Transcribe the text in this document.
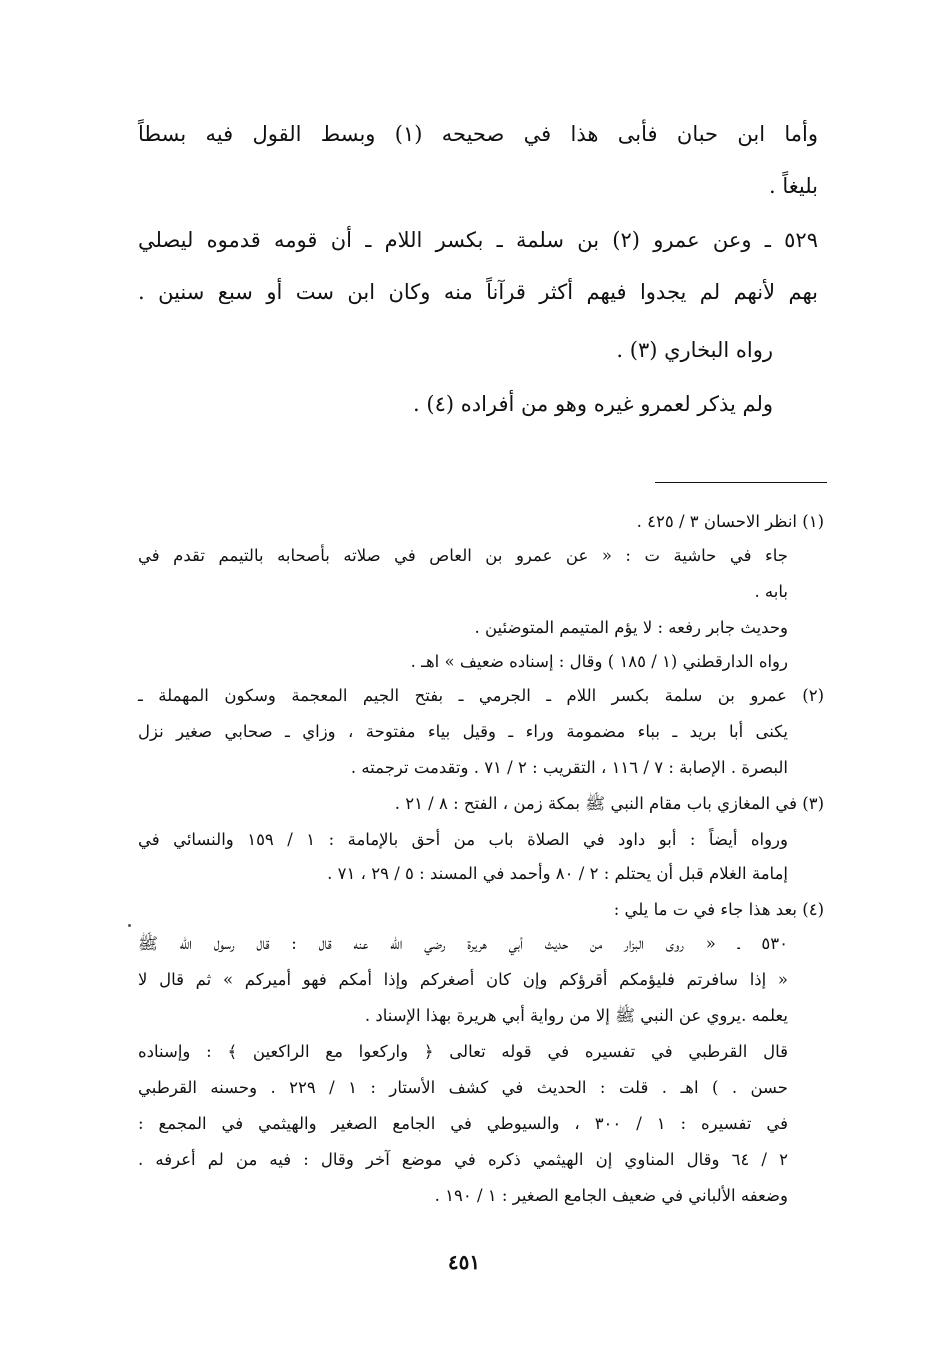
وأما ابن حبان فأبى هذا في صحيحه (١) وبسط القول فيه بسطاً

بليغاً .

٥٢٩ ـ وعن عمرو (٢) بن سلمة ـ بكسر اللام ـ أن قومه قدموه ليصلي

بهم لأنهم لم يجدوا فيهم أكثر قرآناً منه وكان ابن ست أو سبع سنين .

رواه البخاري (٣) .

ولم يذكر لعمرو غيره وهو من أفراده (٤) .

(١) انظر الاحسان ٣ / ٤٢٥ .

جاء في حاشية ت : « عن عمرو بن العاص في صلاته بأصحابه بالتيمم تقدم في

بابه .

وحديث جابر رفعه : لا يؤم المتيمم المتوضئين .

رواه الدارقطني (١ / ١٨٥ ) وقال : إسناده ضعيف » اهـ .

(٢) عمرو بن سلمة بكسر اللام ـ الجرمي ـ بفتح الجيم المعجمة وسكون المهملة ـ

يكنى أبا بريد ـ بباء مضمومة وراء ـ وقيل بياء مفتوحة ، وزاي ـ صحابي صغير نزل

البصرة . الإصابة : ٧ / ١١٦ ، التقريب : ٢ / ٧١ . وتقدمت ترجمته .

(٣) في المغازي باب مقام النبي ﷺ بمكة زمن ، الفتح : ٨ / ٢١ .

ورواه أيضاً : أبو داود في الصلاة باب من أحق بالإمامة : ١ / ١٥٩ والنسائي في

إمامة الغلام قبل أن يحتلم : ٢ / ٨٠ وأحمد في المسند : ٥ / ٢٩ ، ٧١ .

(٤) بعد هذا جاء في ت ما يلي :

٥٣٠ ـ « روى البزار من حديث أبي هريرة رضي الله عنه قال : قال رسول الله ﷺ

« إذا سافرتم فليؤمكم أقرؤكم وإن كان أصغركم وإذا أمكم فهو أميركم » ثم قال لا

يعلمه .يروي عن النبي ﷺ إلا من رواية أبي هريرة بهذا الإسناد .

قال القرطبي في تفسيره في قوله تعالى ﴿ واركعوا مع الراكعين ﴾ : وإسناده

حسن . ) اهـ . قلت : الحديث في كشف الأستار : ١ / ٢٢٩ . وحسنه القرطبي

في تفسيره : ١ / ٣٠٠ ، والسيوطي في الجامع الصغير والهيثمي في المجمع :

٢ / ٦٤ وقال المناوي إن الهيثمي ذكره في موضع آخر وقال : فيه من لم أعرفه .

وضعفه الألباني في ضعيف الجامع الصغير : ١ / ١٩٠ .

٤٥١
